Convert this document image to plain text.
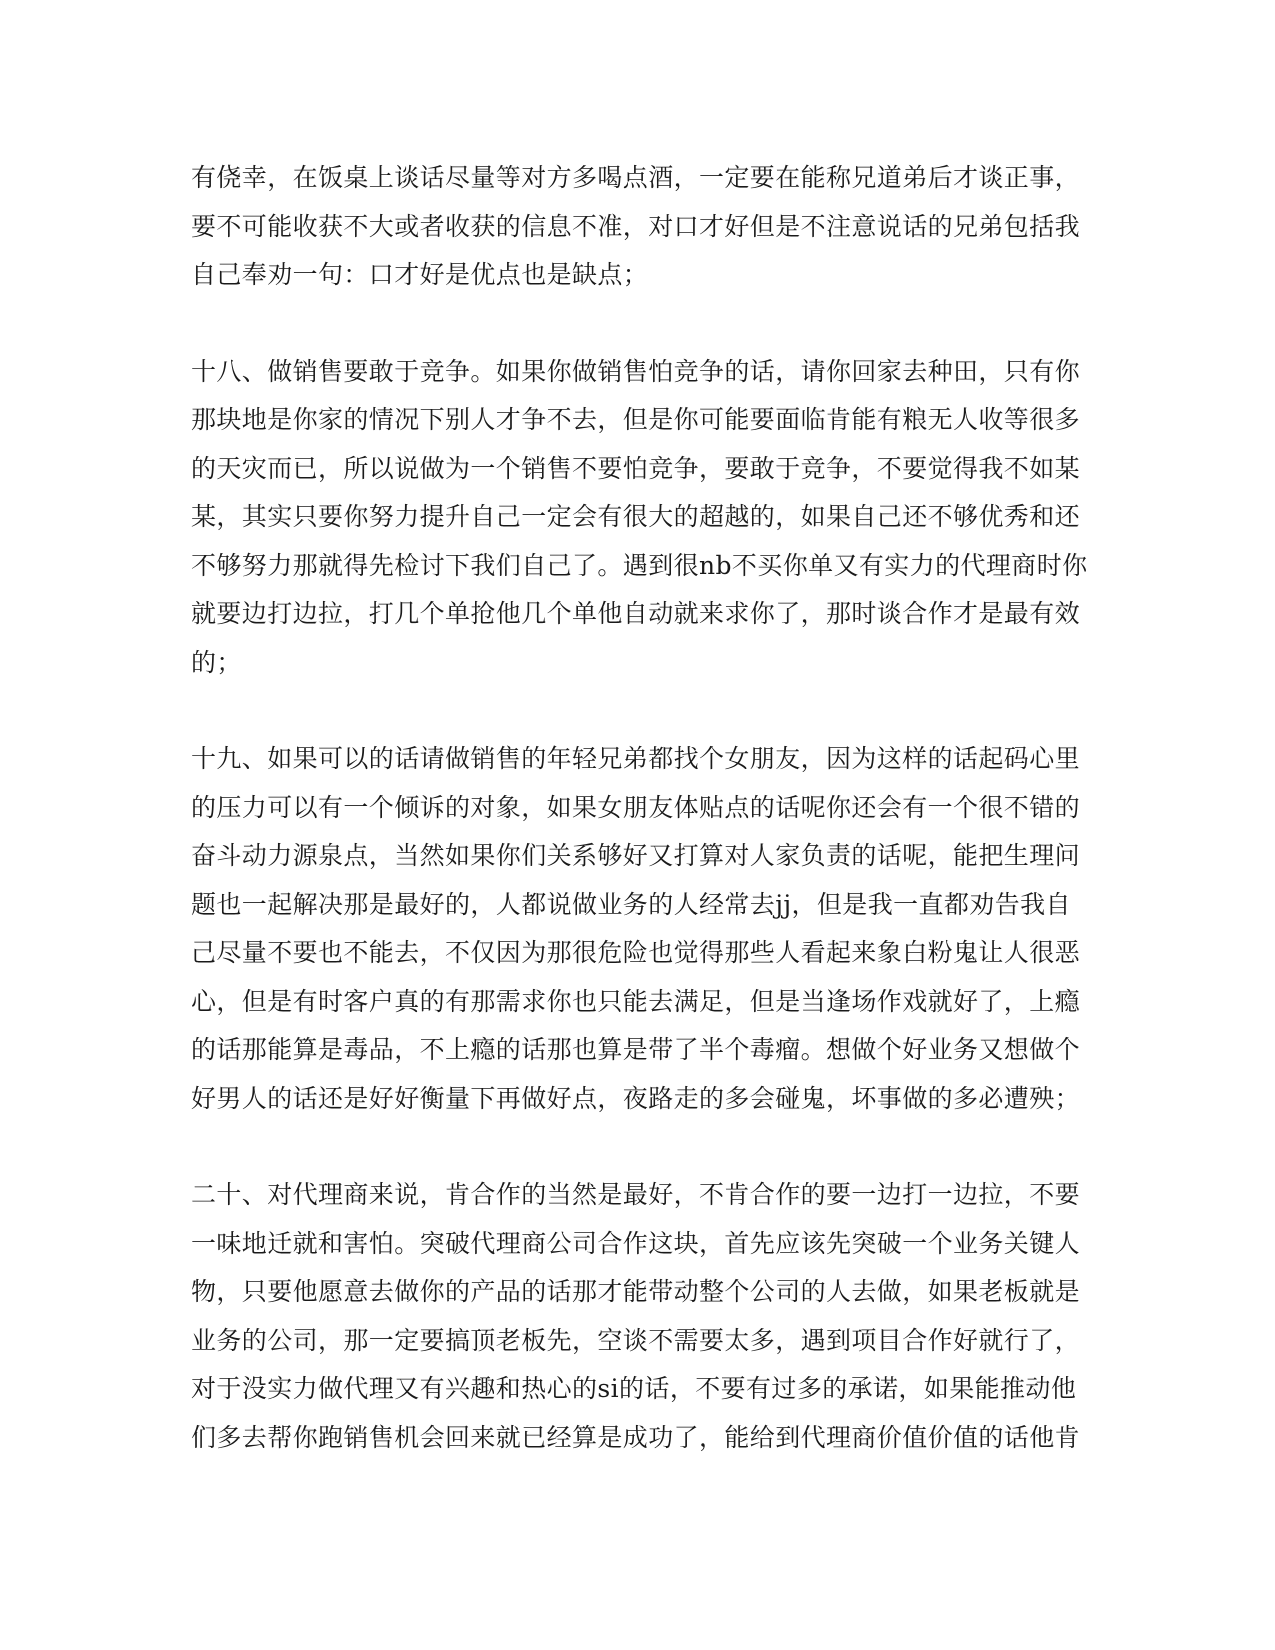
有侥幸，在饭桌上谈话尽量等对方多喝点酒，一定要在能称兄道弟后才谈正事，
要不可能收获不大或者收获的信息不准，对口才好但是不注意说话的兄弟包括我
自己奉劝一句：口才好是优点也是缺点；
十八、做销售要敢于竞争。如果你做销售怕竞争的话，请你回家去种田，只有你
那块地是你家的情况下别人才争不去，但是你可能要面临肯能有粮无人收等很多
的天灾而已，所以说做为一个销售不要怕竞争，要敢于竞争，不要觉得我不如某
某，其实只要你努力提升自己一定会有很大的超越的，如果自己还不够优秀和还
不够努力那就得先检讨下我们自己了。遇到很nb不买你单又有实力的代理商时你
就要边打边拉，打几个单抢他几个单他自动就来求你了，那时谈合作才是最有效
的；
十九、如果可以的话请做销售的年轻兄弟都找个女朋友，因为这样的话起码心里
的压力可以有一个倾诉的对象，如果女朋友体贴点的话呢你还会有一个很不错的
奋斗动力源泉点，当然如果你们关系够好又打算对人家负责的话呢，能把生理问
题也一起解决那是最好的，人都说做业务的人经常去jj，但是我一直都劝告我自
己尽量不要也不能去，不仅因为那很危险也觉得那些人看起来象白粉鬼让人很恶
心，但是有时客户真的有那需求你也只能去满足，但是当逢场作戏就好了，上瘾
的话那能算是毒品，不上瘾的话那也算是带了半个毒瘤。想做个好业务又想做个
好男人的话还是好好衡量下再做好点，夜路走的多会碰鬼，坏事做的多必遭殃；
二十、对代理商来说，肯合作的当然是最好，不肯合作的要一边打一边拉，不要
一味地迁就和害怕。突破代理商公司合作这块，首先应该先突破一个业务关键人
物，只要他愿意去做你的产品的话那才能带动整个公司的人去做，如果老板就是
业务的公司，那一定要搞顶老板先，空谈不需要太多，遇到项目合作好就行了，
对于没实力做代理又有兴趣和热心的si的话，不要有过多的承诺，如果能推动他
们多去帮你跑销售机会回来就已经算是成功了，能给到代理商价值价值的话他肯
